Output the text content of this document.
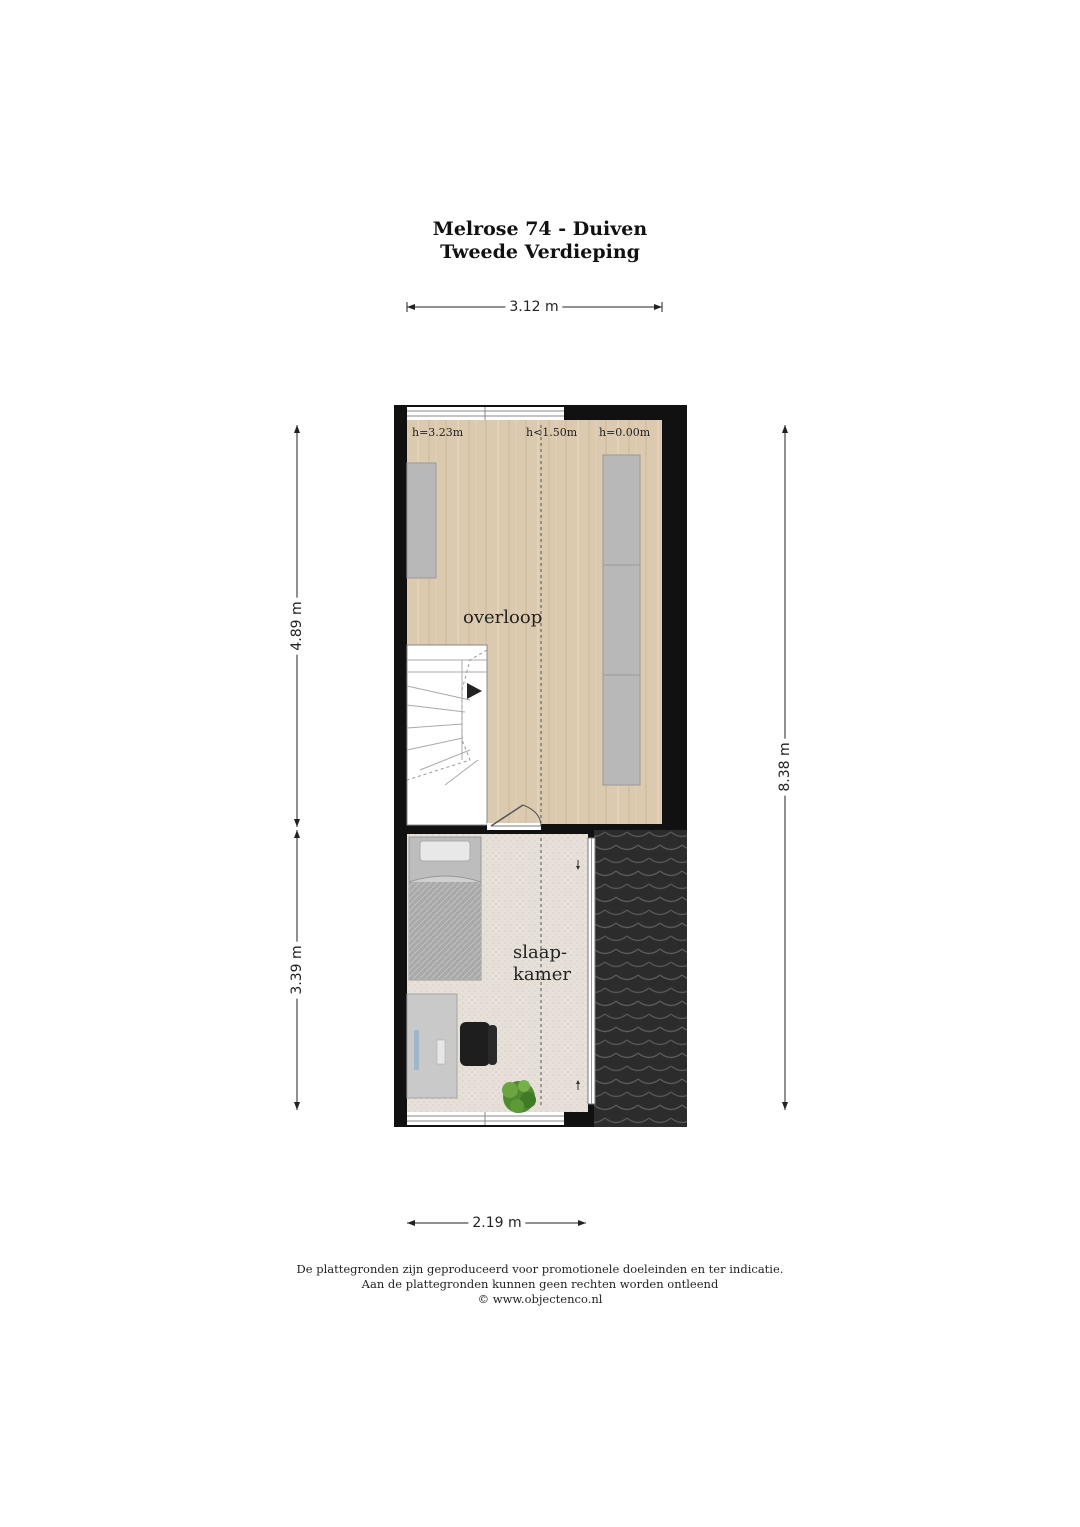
Melrose 74 - Duiven
Tweede Verdieping
3.12 m
2.19 m
4.89 m
3.39 m
8.38 m
h=3.23m	h<1.50m h=0.00m
overloop
slaap-
kamer
De plattegronden zijn geproduceerd voor promotionele doeleinden en ter indicatie.
Aan de plattegronden kunnen geen rechten worden ontleend
© www.objectenco.nl
